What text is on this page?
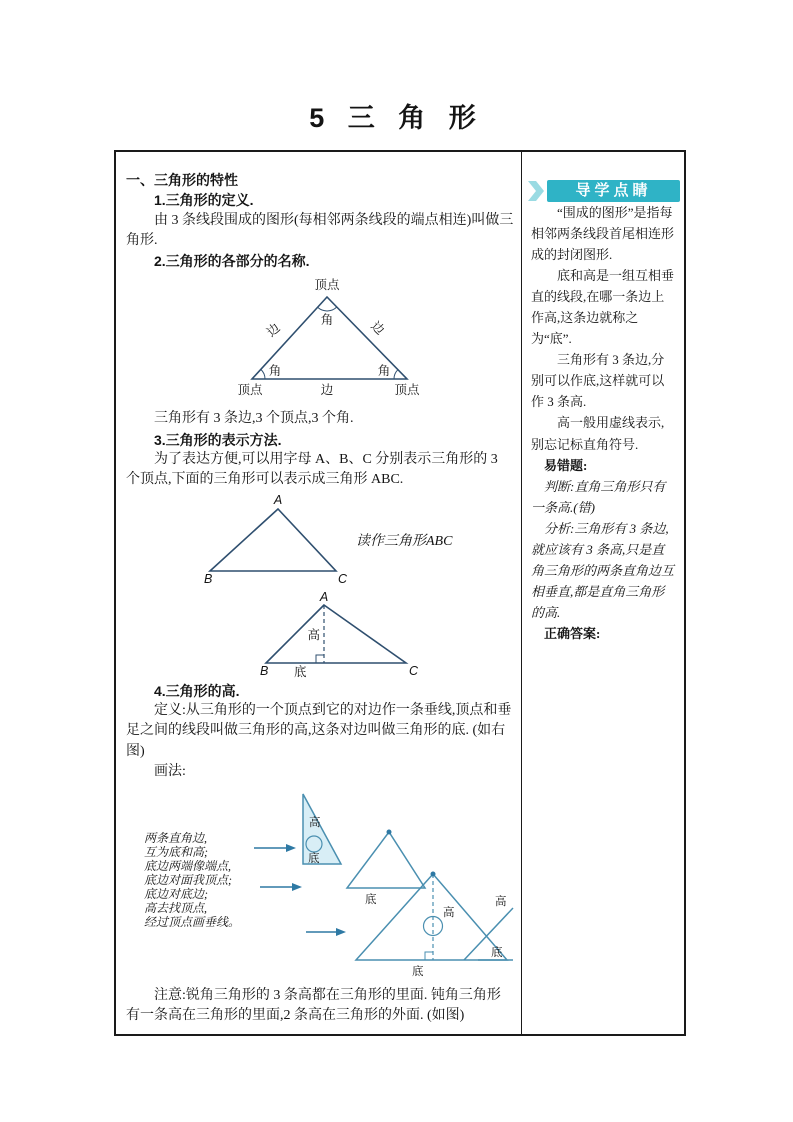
5 三 角 形

一、三角形的特性

1.三角形的定义.

由 3 条线段围成的图形(每相邻两条线段的端点相连)叫做三角形.

2.三角形的各部分的名称.

顶点
角
边	边
角	角
顶点	边	顶点

三角形有 3 条边,3 个顶点,3 个角.

3.三角形的表示方法.

为了表达方便,可以用字母 A、B、C 分别表示三角形的 3 个顶点,下面的三角形可以表示成三角形 ABC.

A
B	C
读作三角形ABC
A
B	C
高
底

4.三角形的高.

定义:从三角形的一个顶点到它的对边作一条垂线,顶点和垂足之间的线段叫做三角形的高,这条对边叫做三角形的底. (如右图)

画法:

两条直角边,
互为底和高;
底边两端像端点,
底边对面我顶点;
底边对底边;
高去找顶点,
经过顶点画垂线。
高
底
底
高
底
高
底

注意:锐角三角形的 3 条高都在三角形的里面. 钝角三角形有一条高在三角形的里面,2 条高在三角形的外面. (如图)

导学点睛

“围成的图形”是指每相邻两条线段首尾相连形成的封闭图形.

底和高是一组互相垂直的线段,在哪一条边上作高,这条边就称之为“底”.

三角形有 3 条边,分别可以作底,这样就可以作 3 条高.

高一般用虚线表示,别忘记标直角符号.

易错题:

判断:直角三角形只有一条高.(错)

分析:三角形有 3 条边,就应该有 3 条高,只是直角三角形的两条直角边互相垂直,都是直角三角形的高.

正确答案:
